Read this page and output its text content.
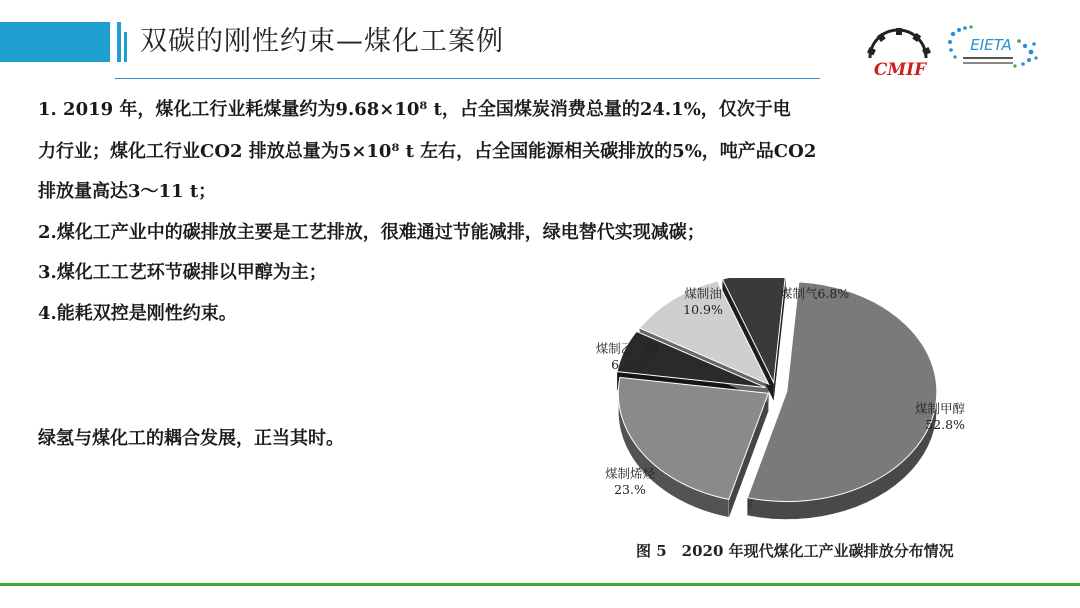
双碳的刚性约束—煤化工案例
CMIF
EIETA
1. 2019 年，煤化工行业耗煤量约为9.68×10⁸ t，占全国煤炭消费总量的24.1%，仅次于电
力行业；煤化工行业CO2 排放总量为5×10⁸ t 左右，占全国能源相关碳排放的5%，吨产品CO2
排放量高达3～11 t；
2.煤化工产业中的碳排放主要是工艺排放，很难通过节能减排，绿电替代实现减碳；
3.煤化工工艺环节碳排以甲醇为主；
4.能耗双控是刚性约束。
绿氢与煤化工的耦合发展，正当其时。
煤制甲醇 52.8%
煤制烯烃 23.%
煤制乙二醇 6.2%
煤制油 10.9%
煤制气6.8%
图 5　2020 年现代煤化工产业碳排放分布情况
